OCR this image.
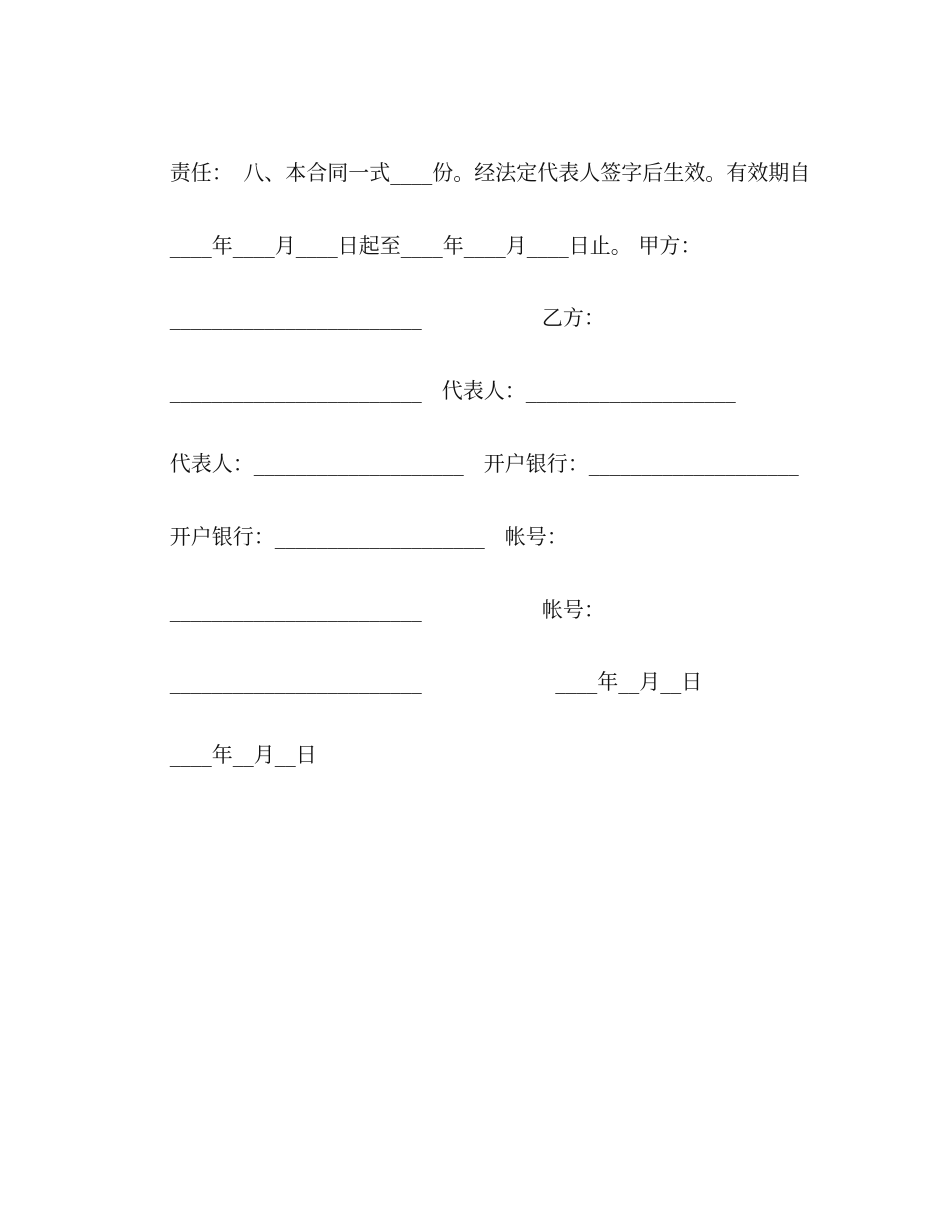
责任：　八、本合同一式____份。经法定代表人签字后生效。有效期自

____年____月____日起至____年____月____日止。 甲方：

________________________                  乙方：

________________________   代表人：____________________

代表人：____________________   开户银行：____________________

开户银行：____________________   帐号：

________________________                  帐号：

________________________                    ____年__月__日

____年__月__日
